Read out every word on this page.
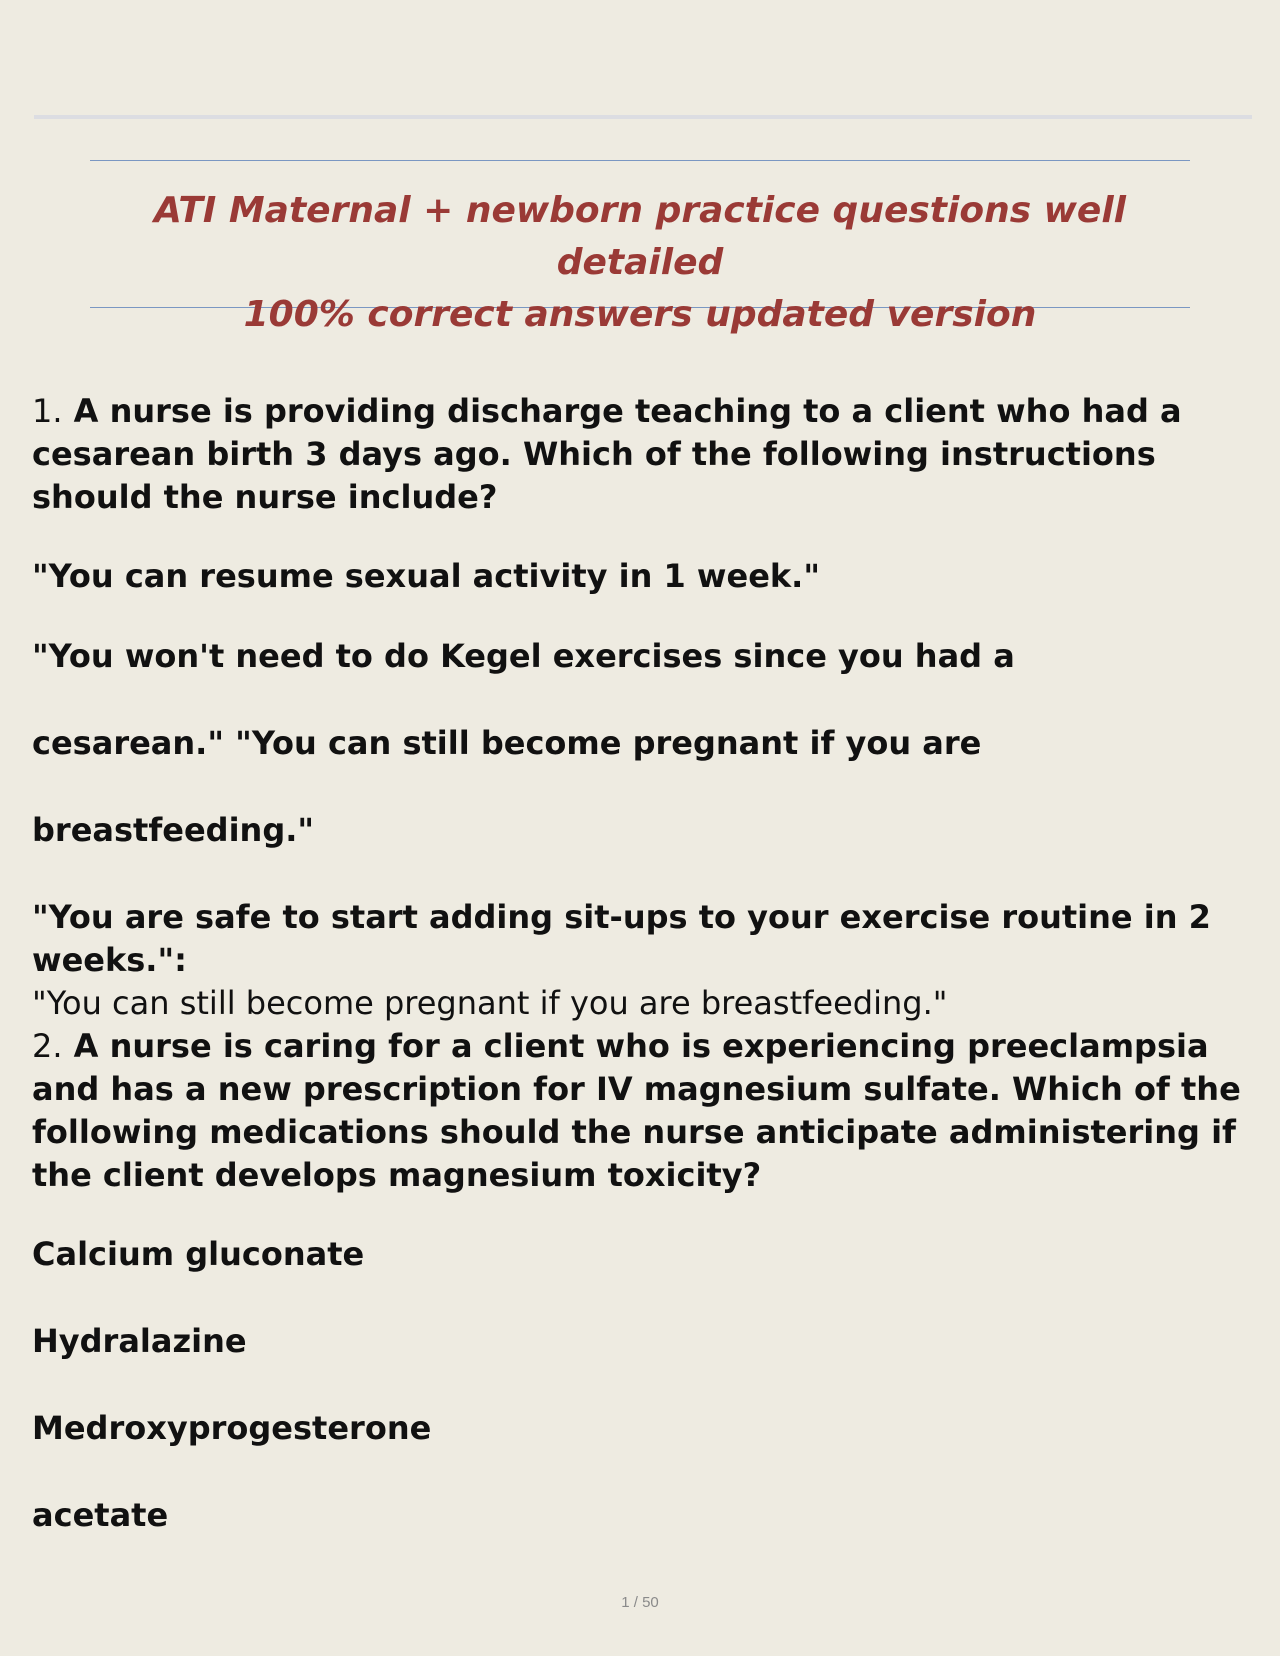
ATI Maternal + newborn practice questions well detailed
100% correct answers updated version

1. A nurse is providing discharge teaching to a client who had a cesarean birth 3 days ago. Which of the following instructions should the nurse include?

"You can resume sexual activity in 1 week."

"You won't need to do Kegel exercises since you had a

cesarean." "You can still become pregnant if you are

breastfeeding."

"You are safe to start adding sit-ups to your exercise routine in 2 weeks.":

"You can still become pregnant if you are breastfeeding."

2. A nurse is caring for a client who is experiencing preeclampsia and has a new prescription for IV magnesium sulfate. Which of the following medications should the nurse anticipate administering if the client develops magnesium toxicity?

Calcium gluconate

Hydralazine

Medroxyprogesterone

acetate

1 / 50
